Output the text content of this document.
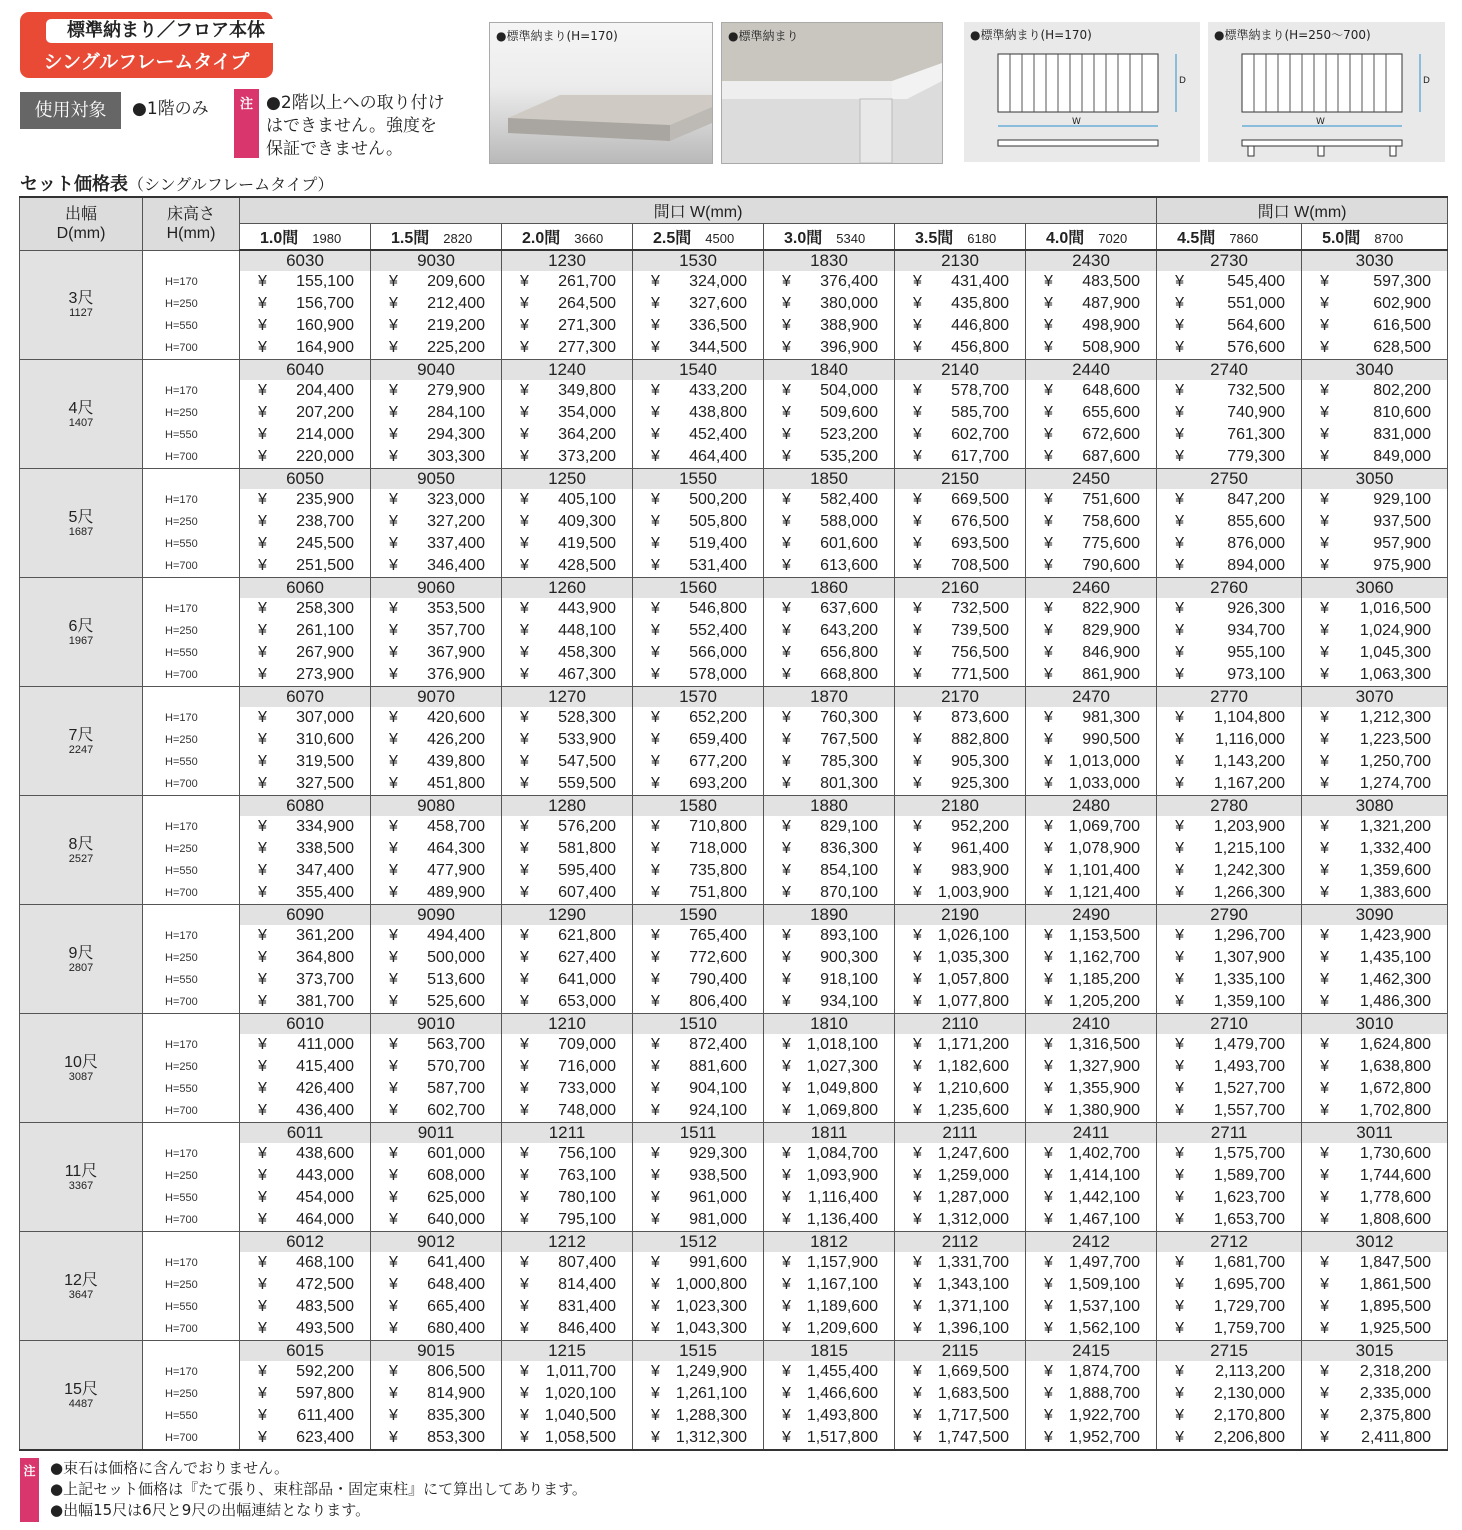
標準納まり／フロア本体
シングルフレームタイプ
使用対象	●1階のみ	注 ●2階以上への取り付け
はできません。強度を
保証できません。
●標準納まり(H=170)	●標準納まり	●標準納まり(H=170)
D
W
●標準納まり(H=250～700)
D
W
セット価格表（シングルフレームタイプ）
出幅
D(mm)	床高さ
H(mm)	間口 W(mm)							間口 W(mm)	
		1.0間 1980	1.5間 2820	2.0間 3660	2.5間 4500	3.0間 5340	3.5間 6180	4.0間 7020	4.5間 7860	5.0間 8700

3尺
1127		6030	9030	1230	1530	1830	2130	2430	2730	3030
	H=170	¥ 155,100	¥ 209,600	¥ 261,700	¥ 324,000	¥ 376,400	¥ 431,400	¥ 483,500	¥ 545,400	¥ 597,300

	H=250	¥ 156,700	¥ 212,400	¥ 264,500	¥ 327,600	¥ 380,000	¥ 435,800	¥ 487,900	¥ 551,000	¥ 602,900

	H=550	¥ 160,900	¥ 219,200	¥ 271,300	¥ 336,500	¥ 388,900	¥ 446,800	¥ 498,900	¥ 564,600	¥ 616,500

	H=700	¥ 164,900	¥ 225,200	¥ 277,300	¥ 344,500	¥ 396,900	¥ 456,800	¥ 508,900	¥ 576,600	¥ 628,500

4尺
1407		6040	9040	1240	1540	1840	2140	2440	2740	3040
	H=170	¥ 204,400	¥ 279,900	¥ 349,800	¥ 433,200	¥ 504,000	¥ 578,700	¥ 648,600	¥ 732,500	¥ 802,200

	H=250	¥ 207,200	¥ 284,100	¥ 354,000	¥ 438,800	¥ 509,600	¥ 585,700	¥ 655,600	¥ 740,900	¥ 810,600

	H=550	¥ 214,000	¥ 294,300	¥ 364,200	¥ 452,400	¥ 523,200	¥ 602,700	¥ 672,600	¥ 761,300	¥ 831,000

	H=700	¥ 220,000	¥ 303,300	¥ 373,200	¥ 464,400	¥ 535,200	¥ 617,700	¥ 687,600	¥ 779,300	¥ 849,000

5尺
1687		6050	9050	1250	1550	1850	2150	2450	2750	3050
	H=170	¥ 235,900	¥ 323,000	¥ 405,100	¥ 500,200	¥ 582,400	¥ 669,500	¥ 751,600	¥ 847,200	¥ 929,100

	H=250	¥ 238,700	¥ 327,200	¥ 409,300	¥ 505,800	¥ 588,000	¥ 676,500	¥ 758,600	¥ 855,600	¥ 937,500

	H=550	¥ 245,500	¥ 337,400	¥ 419,500	¥ 519,400	¥ 601,600	¥ 693,500	¥ 775,600	¥ 876,000	¥ 957,900

	H=700	¥ 251,500	¥ 346,400	¥ 428,500	¥ 531,400	¥ 613,600	¥ 708,500	¥ 790,600	¥ 894,000	¥ 975,900

6尺
1967		6060	9060	1260	1560	1860	2160	2460	2760	3060
	H=170	¥ 258,300	¥ 353,500	¥ 443,900	¥ 546,800	¥ 637,600	¥ 732,500	¥ 822,900	¥ 926,300	¥ 1,016,500

	H=250	¥ 261,100	¥ 357,700	¥ 448,100	¥ 552,400	¥ 643,200	¥ 739,500	¥ 829,900	¥ 934,700	¥ 1,024,900

	H=550	¥ 267,900	¥ 367,900	¥ 458,300	¥ 566,000	¥ 656,800	¥ 756,500	¥ 846,900	¥ 955,100	¥ 1,045,300

	H=700	¥ 273,900	¥ 376,900	¥ 467,300	¥ 578,000	¥ 668,800	¥ 771,500	¥ 861,900	¥ 973,100	¥ 1,063,300

7尺
2247		6070	9070	1270	1570	1870	2170	2470	2770	3070
	H=170	¥ 307,000	¥ 420,600	¥ 528,300	¥ 652,200	¥ 760,300	¥ 873,600	¥ 981,300	¥ 1,104,800	¥ 1,212,300

	H=250	¥ 310,600	¥ 426,200	¥ 533,900	¥ 659,400	¥ 767,500	¥ 882,800	¥ 990,500	¥ 1,116,000	¥ 1,223,500

	H=550	¥ 319,500	¥ 439,800	¥ 547,500	¥ 677,200	¥ 785,300	¥ 905,300	¥ 1,013,000	¥ 1,143,200	¥ 1,250,700

	H=700	¥ 327,500	¥ 451,800	¥ 559,500	¥ 693,200	¥ 801,300	¥ 925,300	¥ 1,033,000	¥ 1,167,200	¥ 1,274,700

8尺
2527		6080	9080	1280	1580	1880	2180	2480	2780	3080
	H=170	¥ 334,900	¥ 458,700	¥ 576,200	¥ 710,800	¥ 829,100	¥ 952,200	¥ 1,069,700	¥ 1,203,900	¥ 1,321,200

	H=250	¥ 338,500	¥ 464,300	¥ 581,800	¥ 718,000	¥ 836,300	¥ 961,400	¥ 1,078,900	¥ 1,215,100	¥ 1,332,400

	H=550	¥ 347,400	¥ 477,900	¥ 595,400	¥ 735,800	¥ 854,100	¥ 983,900	¥ 1,101,400	¥ 1,242,300	¥ 1,359,600

	H=700	¥ 355,400	¥ 489,900	¥ 607,400	¥ 751,800	¥ 870,100	¥ 1,003,900	¥ 1,121,400	¥ 1,266,300	¥ 1,383,600

9尺
2807		6090	9090	1290	1590	1890	2190	2490	2790	3090
	H=170	¥ 361,200	¥ 494,400	¥ 621,800	¥ 765,400	¥ 893,100	¥ 1,026,100	¥ 1,153,500	¥ 1,296,700	¥ 1,423,900

	H=250	¥ 364,800	¥ 500,000	¥ 627,400	¥ 772,600	¥ 900,300	¥ 1,035,300	¥ 1,162,700	¥ 1,307,900	¥ 1,435,100

	H=550	¥ 373,700	¥ 513,600	¥ 641,000	¥ 790,400	¥ 918,100	¥ 1,057,800	¥ 1,185,200	¥ 1,335,100	¥ 1,462,300

	H=700	¥ 381,700	¥ 525,600	¥ 653,000	¥ 806,400	¥ 934,100	¥ 1,077,800	¥ 1,205,200	¥ 1,359,100	¥ 1,486,300

10尺
3087		6010	9010	1210	1510	1810	2110	2410	2710	3010
	H=170	¥ 411,000	¥ 563,700	¥ 709,000	¥ 872,400	¥ 1,018,100	¥ 1,171,200	¥ 1,316,500	¥ 1,479,700	¥ 1,624,800

	H=250	¥ 415,400	¥ 570,700	¥ 716,000	¥ 881,600	¥ 1,027,300	¥ 1,182,600	¥ 1,327,900	¥ 1,493,700	¥ 1,638,800

	H=550	¥ 426,400	¥ 587,700	¥ 733,000	¥ 904,100	¥ 1,049,800	¥ 1,210,600	¥ 1,355,900	¥ 1,527,700	¥ 1,672,800

	H=700	¥ 436,400	¥ 602,700	¥ 748,000	¥ 924,100	¥ 1,069,800	¥ 1,235,600	¥ 1,380,900	¥ 1,557,700	¥ 1,702,800

11尺
3367		6011	9011	1211	1511	1811	2111	2411	2711	3011
	H=170	¥ 438,600	¥ 601,000	¥ 756,100	¥ 929,300	¥ 1,084,700	¥ 1,247,600	¥ 1,402,700	¥ 1,575,700	¥ 1,730,600

	H=250	¥ 443,000	¥ 608,000	¥ 763,100	¥ 938,500	¥ 1,093,900	¥ 1,259,000	¥ 1,414,100	¥ 1,589,700	¥ 1,744,600

	H=550	¥ 454,000	¥ 625,000	¥ 780,100	¥ 961,000	¥ 1,116,400	¥ 1,287,000	¥ 1,442,100	¥ 1,623,700	¥ 1,778,600

	H=700	¥ 464,000	¥ 640,000	¥ 795,100	¥ 981,000	¥ 1,136,400	¥ 1,312,000	¥ 1,467,100	¥ 1,653,700	¥ 1,808,600

12尺
3647		6012	9012	1212	1512	1812	2112	2412	2712	3012
	H=170	¥ 468,100	¥ 641,400	¥ 807,400	¥ 991,600	¥ 1,157,900	¥ 1,331,700	¥ 1,497,700	¥ 1,681,700	¥ 1,847,500

	H=250	¥ 472,500	¥ 648,400	¥ 814,400	¥ 1,000,800	¥ 1,167,100	¥ 1,343,100	¥ 1,509,100	¥ 1,695,700	¥ 1,861,500

	H=550	¥ 483,500	¥ 665,400	¥ 831,400	¥ 1,023,300	¥ 1,189,600	¥ 1,371,100	¥ 1,537,100	¥ 1,729,700	¥ 1,895,500

	H=700	¥ 493,500	¥ 680,400	¥ 846,400	¥ 1,043,300	¥ 1,209,600	¥ 1,396,100	¥ 1,562,100	¥ 1,759,700	¥ 1,925,500

15尺
4487		6015	9015	1215	1515	1815	2115	2415	2715	3015
	H=170	¥ 592,200	¥ 806,500	¥ 1,011,700	¥ 1,249,900	¥ 1,455,400	¥ 1,669,500	¥ 1,874,700	¥ 2,113,200	¥ 2,318,200

	H=250	¥ 597,800	¥ 814,900	¥ 1,020,100	¥ 1,261,100	¥ 1,466,600	¥ 1,683,500	¥ 1,888,700	¥ 2,130,000	¥ 2,335,000

	H=550	¥ 611,400	¥ 835,300	¥ 1,040,500	¥ 1,288,300	¥ 1,493,800	¥ 1,717,500	¥ 1,922,700	¥ 2,170,800	¥ 2,375,800

	H=700	¥ 623,400	¥ 853,300	¥ 1,058,500	¥ 1,312,300	¥ 1,517,800	¥ 1,747,500	¥ 1,952,700	¥ 2,206,800	¥ 2,411,800
注 ●束石は価格に含んでおりません。
●上記セット価格は『たて張り、束柱部品・固定束柱』にて算出してあります。
●出幅15尺は6尺と9尺の出幅連結となります。
